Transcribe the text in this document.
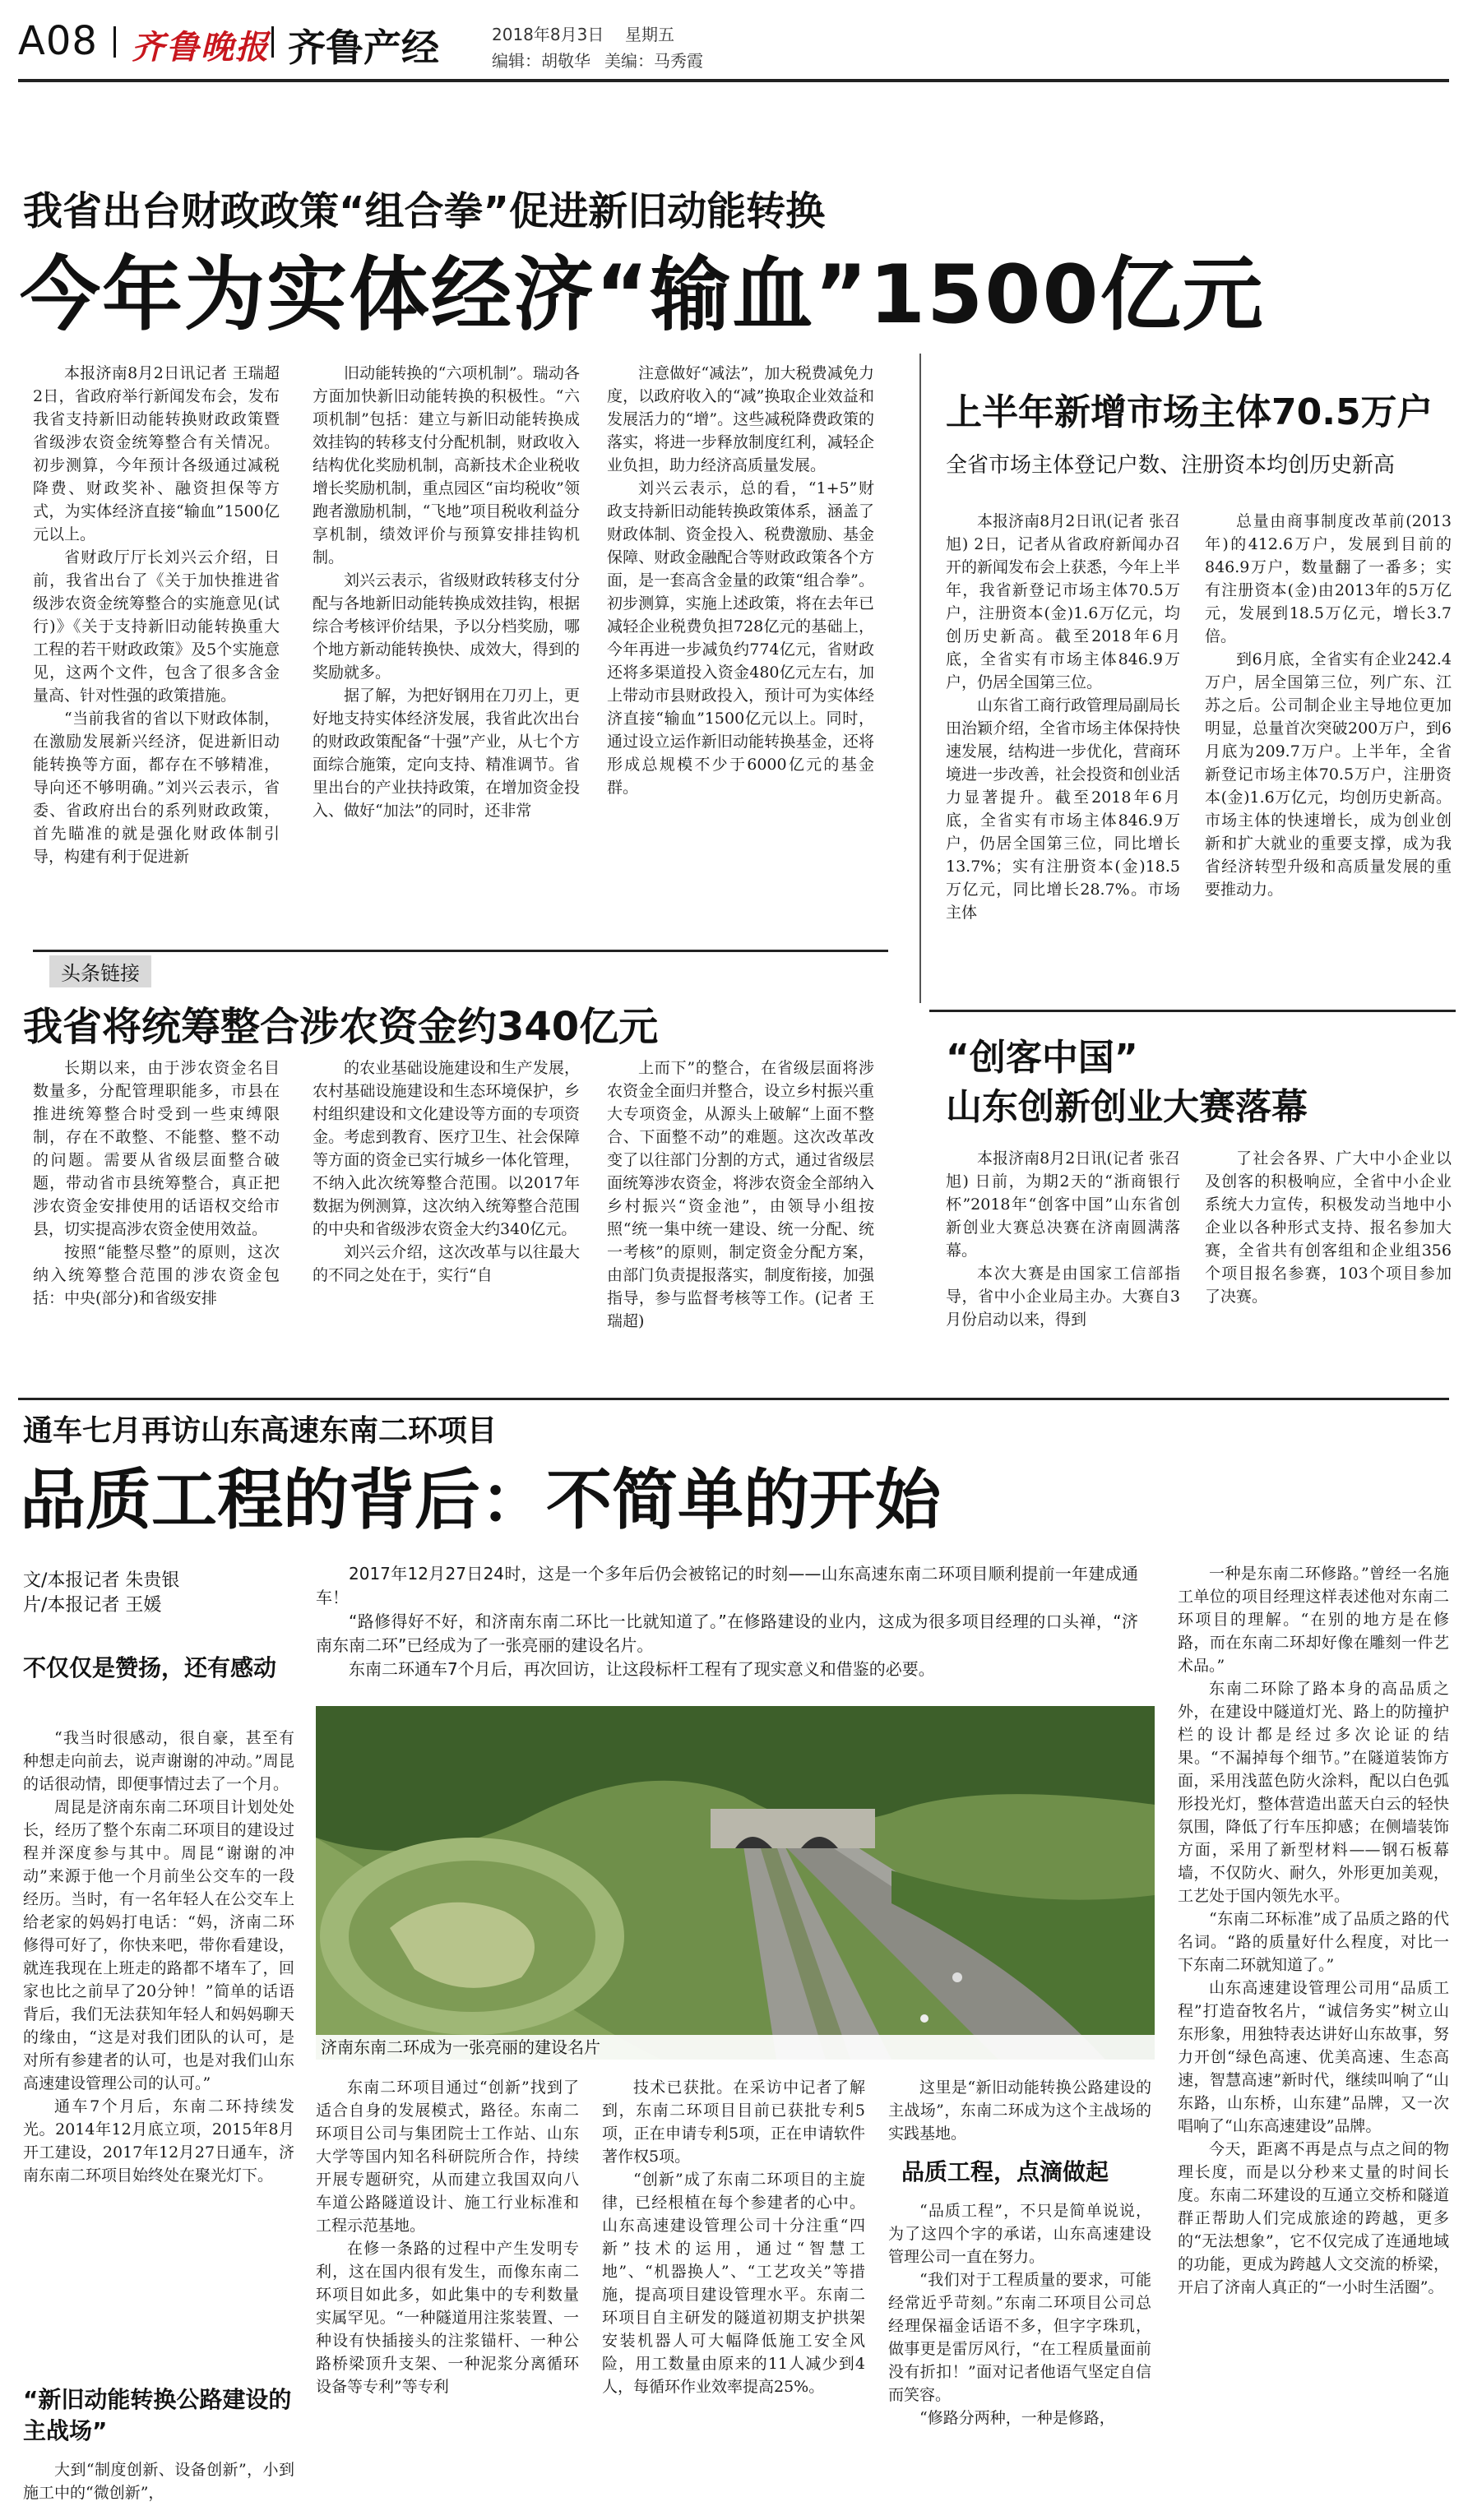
A08 齐鲁晚报 齐鲁产经	2018年8月3日 星期五
编辑：胡敬华 美编：马秀霞
我省出台财政政策“组合拳”促进新旧动能转换
今年为实体经济“输血”1500亿元

本报济南8月2日讯记者 王瑞超 2日，省政府举行新闻发布会，发布我省支持新旧动能转换财政政策暨省级涉农资金统筹整合有关情况。初步测算，今年预计各级通过减税降费、财政奖补、融资担保等方式，为实体经济直接“输血”1500亿元以上。

省财政厅厅长刘兴云介绍，日前，我省出台了《关于加快推进省级涉农资金统筹整合的实施意见(试行)》《关于支持新旧动能转换重大工程的若干财政政策》及5个实施意见，这两个文件，包含了很多含金量高、针对性强的政策措施。

“当前我省的省以下财政体制，在激励发展新兴经济，促进新旧动能转换等方面，都存在不够精准，导向还不够明确。”刘兴云表示，省委、省政府出台的系列财政政策，首先瞄准的就是强化财政体制引导，构建有利于促进新

旧动能转换的“六项机制”。瑞动各方面加快新旧动能转换的积极性。“六项机制”包括：建立与新旧动能转换成效挂钩的转移支付分配机制，财政收入结构优化奖励机制，高新技术企业税收增长奖励机制，重点园区“亩均税收”领跑者激励机制，“飞地”项目税收利益分享机制，绩效评价与预算安排挂钩机制。

刘兴云表示，省级财政转移支付分配与各地新旧动能转换成效挂钩，根据综合考核评价结果，予以分档奖励，哪个地方新动能转换快、成效大，得到的奖励就多。

据了解，为把好钢用在刀刃上，更好地支持实体经济发展，我省此次出台的财政政策配备“十强”产业，从七个方面综合施策，定向支持、精准调节。省里出台的产业扶持政策，在增加资金投入、做好“加法”的同时，还非常

注意做好“减法”，加大税费减免力度，以政府收入的“减”换取企业效益和发展活力的“增”。这些减税降费政策的落实，将进一步释放制度红利，减轻企业负担，助力经济高质量发展。

刘兴云表示，总的看，“1+5”财政支持新旧动能转换政策体系，涵盖了财政体制、资金投入、税费激励、基金保障、财政金融配合等财政政策各个方面，是一套高含金量的政策“组合拳”。初步测算，实施上述政策，将在去年已减轻企业税费负担728亿元的基础上，今年再进一步减负约774亿元，省财政还将多渠道投入资金480亿元左右，加上带动市县财政投入，预计可为实体经济直接“输血”1500亿元以上。同时，通过设立运作新旧动能转换基金，还将形成总规模不少于6000亿元的基金群。

上半年新增市场主体70.5万户
全省市场主体登记户数、注册资本均创历史新高

本报济南8月2日讯(记者 张召旭) 2日，记者从省政府新闻办召开的新闻发布会上获悉，今年上半年，我省新登记市场主体70.5万户，注册资本(金)1.6万亿元，均创历史新高。截至2018年6月底，全省实有市场主体846.9万户，仍居全国第三位。

山东省工商行政管理局副局长田治颖介绍，全省市场主体保持快速发展，结构进一步优化，营商环境进一步改善，社会投资和创业活力显著提升。截至2018年6月底，全省实有市场主体846.9万户，仍居全国第三位，同比增长13.7%；实有注册资本(金)18.5万亿元，同比增长28.7%。市场主体

总量由商事制度改革前(2013年)的412.6万户，发展到目前的846.9万户，数量翻了一番多；实有注册资本(金)由2013年的5万亿元，发展到18.5万亿元，增长3.7倍。

到6月底，全省实有企业242.4万户，居全国第三位，列广东、江苏之后。公司制企业主导地位更加明显，总量首次突破200万户，到6月底为209.7万户。上半年，全省新登记市场主体70.5万户，注册资本(金)1.6万亿元，均创历史新高。市场主体的快速增长，成为创业创新和扩大就业的重要支撑，成为我省经济转型升级和高质量发展的重要推动力。

头条链接
我省将统筹整合涉农资金约340亿元

长期以来，由于涉农资金名目数量多，分配管理职能多，市县在推进统筹整合时受到一些束缚限制，存在不敢整、不能整、整不动的问题。需要从省级层面整合破题，带动省市县统筹整合，真正把涉农资金安排使用的话语权交给市县，切实提高涉农资金使用效益。

按照“能整尽整”的原则，这次纳入统筹整合范围的涉农资金包括：中央(部分)和省级安排

的农业基础设施建设和生产发展，农村基础设施建设和生态环境保护，乡村组织建设和文化建设等方面的专项资金。考虑到教育、医疗卫生、社会保障等方面的资金已实行城乡一体化管理，不纳入此次统筹整合范围。以2017年数据为例测算，这次纳入统筹整合范围的中央和省级涉农资金大约340亿元。

刘兴云介绍，这次改革与以往最大的不同之处在于，实行“自

上而下”的整合，在省级层面将涉农资金全面归并整合，设立乡村振兴重大专项资金，从源头上破解“上面不整合、下面整不动”的难题。这次改革改变了以往部门分割的方式，通过省级层面统筹涉农资金，将涉农资金全部纳入乡村振兴“资金池”，由领导小组按照“统一集中统一建设、统一分配、统一考核”的原则，制定资金分配方案，由部门负责提报落实，制度衔接，加强指导，参与监督考核等工作。(记者 王瑞超)

“创客中国”
山东创新创业大赛落幕

本报济南8月2日讯(记者 张召旭) 日前，为期2天的“浙商银行杯”2018年“创客中国”山东省创新创业大赛总决赛在济南圆满落幕。

本次大赛是由国家工信部指导，省中小企业局主办。大赛自3月份启动以来，得到

了社会各界、广大中小企业以及创客的积极响应，全省中小企业系统大力宣传，积极发动当地中小企业以各种形式支持、报名参加大赛，全省共有创客组和企业组356个项目报名参赛，103个项目参加了决赛。

通车七月再访山东高速东南二环项目
品质工程的背后：不简单的开始
文/本报记者 朱贵银
片/本报记者 王媛

2017年12月27日24时，这是一个多年后仍会被铭记的时刻——山东高速东南二环项目顺利提前一年建成通车！

“路修得好不好，和济南东南二环比一比就知道了。”在修路建设的业内，这成为很多项目经理的口头禅，“济南东南二环”已经成为了一张亮丽的建设名片。

东南二环通车7个月后，再次回访，让这段标杆工程有了现实意义和借鉴的必要。

不仅仅是赞扬，还有感动

“我当时很感动，很自豪，甚至有种想走向前去，说声谢谢的冲动。”周昆的话很动情，即便事情过去了一个月。

周昆是济南东南二环项目计划处处长，经历了整个东南二环项目的建设过程并深度参与其中。周昆“谢谢的冲动”来源于他一个月前坐公交车的一段经历。当时，有一名年轻人在公交车上给老家的妈妈打电话：“妈，济南二环修得可好了，你快来吧，带你看建设，就连我现在上班走的路都不堵车了，回家也比之前早了20分钟！”简单的话语背后，我们无法获知年轻人和妈妈聊天的缘由，“这是对我们团队的认可，是对所有参建者的认可，也是对我们山东高速建设管理公司的认可。”

通车7个月后，东南二环持续发光。2014年12月底立项，2015年8月开工建设，2017年12月27日通车，济南东南二环项目始终处在聚光灯下。

“新旧动能转换公路建设的主战场”

大到“制度创新、设备创新”，小到施工中的“微创新”，

济南东南二环成为一张亮丽的建设名片

东南二环项目通过“创新”找到了适合自身的发展模式，路径。东南二环项目公司与集团院士工作站、山东大学等国内知名科研院所合作，持续开展专题研究，从而建立我国双向八车道公路隧道设计、施工行业标准和工程示范基地。

在修一条路的过程中产生发明专利，这在国内很有发生，而像东南二环项目如此多，如此集中的专利数量实属罕见。“一种隧道用注浆装置、一种设有快插接头的注浆锚杆、一种公路桥梁顶升支架、一种泥浆分离循环设备等专利”等专利

技术已获批。在采访中记者了解到，东南二环项目目前已获批专利5项，正在申请专利5项，正在申请软件著作权5项。

“创新”成了东南二环项目的主旋律，已经根植在每个参建者的心中。山东高速建设管理公司十分注重“四新”技术的运用，通过“智慧工地”、“机器换人”、“工艺攻关”等措施，提高项目建设管理水平。东南二环项目自主研发的隧道初期支护拱架安装机器人可大幅降低施工安全风险，用工数量由原来的11人减少到4人，每循环作业效率提高25%。

这里是“新旧动能转换公路建设的主战场”，东南二环成为这个主战场的实践基地。

品质工程，点滴做起

“品质工程”，不只是简单说说，为了这四个字的承诺，山东高速建设管理公司一直在努力。

“我们对于工程质量的要求，可能经常近乎苛刻。”东南二环项目公司总经理保福金话语不多，但字字珠玑，做事更是雷厉风行，“在工程质量面前没有折扣！”面对记者他语气坚定自信而笑容。

“修路分两种，一种是修路，

一种是东南二环修路。”曾经一名施工单位的项目经理这样表述他对东南二环项目的理解。“在别的地方是在修路，而在东南二环却好像在雕刻一件艺术品。”

东南二环除了路本身的高品质之外，在建设中隧道灯光、路上的防撞护栏的设计都是经过多次论证的结果。“不漏掉每个细节。”在隧道装饰方面，采用浅蓝色防火涂料，配以白色弧形投光灯，整体营造出蓝天白云的轻快氛围，降低了行车压抑感；在侧墙装饰方面，采用了新型材料——钢石板幕墙，不仅防火、耐久，外形更加美观，工艺处于国内领先水平。

“东南二环标准”成了品质之路的代名词。“路的质量好什么程度，对比一下东南二环就知道了。”

山东高速建设管理公司用“品质工程”打造奋牧名片，“诚信务实”树立山东形象，用独特表达讲好山东故事，努力开创“绿色高速、优美高速、生态高速，智慧高速”新时代，继续叫响了“山东路，山东桥，山东建”品牌，又一次唱响了“山东高速建设”品牌。

今天，距离不再是点与点之间的物理长度，而是以分秒来丈量的时间长度。东南二环建设的互通立交桥和隧道群正帮助人们完成旅途的跨越，更多的“无法想象”，它不仅完成了连通地域的功能，更成为跨越人文交流的桥梁，开启了济南人真正的“一小时生活圈”。
